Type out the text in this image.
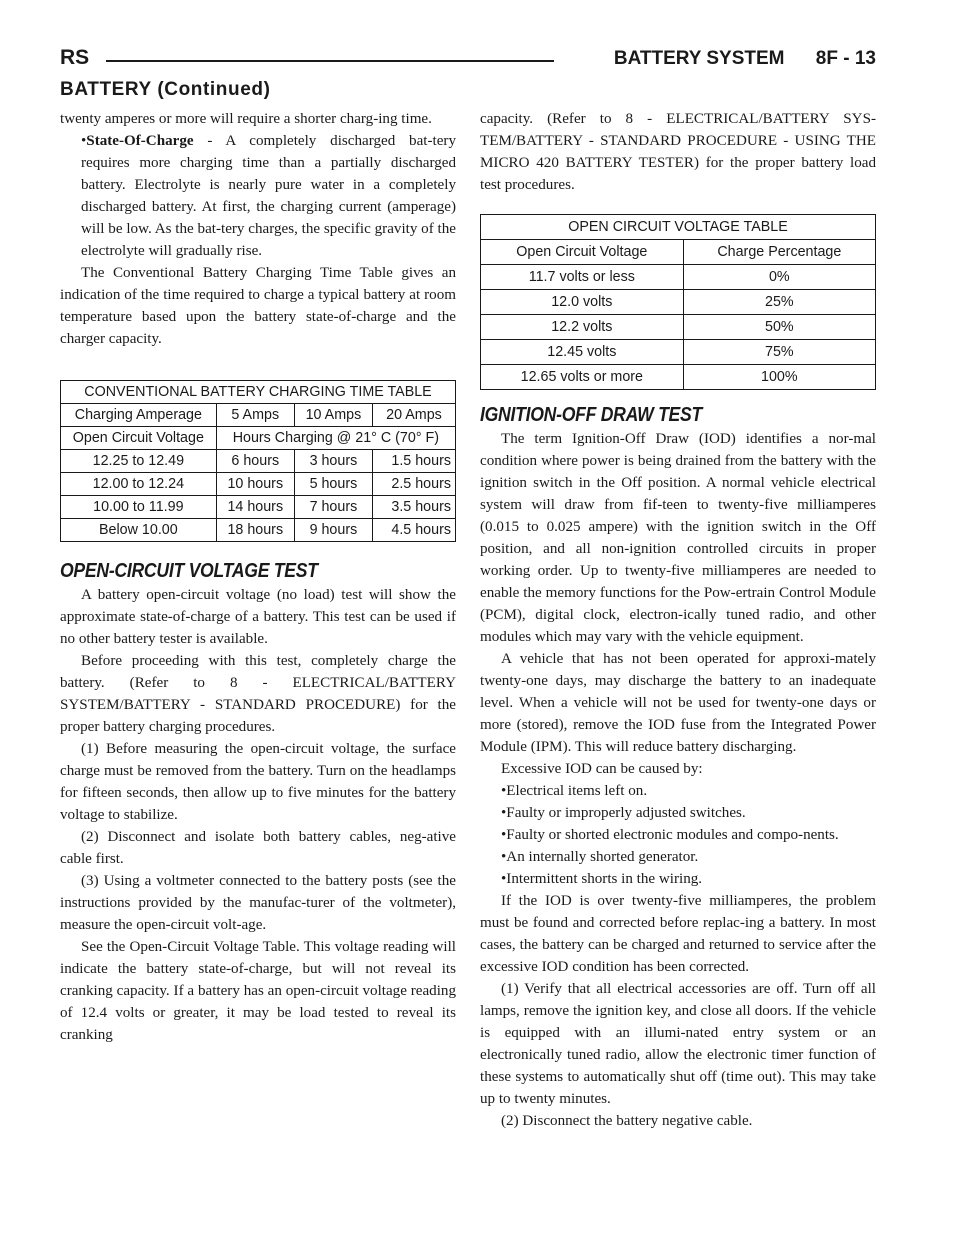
RS	BATTERY SYSTEM 8F - 13
BATTERY (Continued)

twenty amperes or more will require a shorter charg-ing time.

•State-Of-Charge - A completely discharged bat-tery requires more charging time than a partially discharged battery. Electrolyte is nearly pure water in a completely discharged battery. At first, the charging current (amperage) will be low. As the bat-tery charges, the specific gravity of the electrolyte will gradually rise.

The Conventional Battery Charging Time Table gives an indication of the time required to charge a typical battery at room temperature based upon the battery state-of-charge and the charger capacity.

CONVENTIONAL BATTERY CHARGING TIME TABLE			
Charging Amperage	5 Amps	10 Amps	20 Amps
Open Circuit Voltage	Hours Charging @ 21° C (70° F)		
12.25 to 12.49	6 hours	3 hours	1.5 hours
12.00 to 12.24	10 hours	5 hours	2.5 hours
10.00 to 11.99	14 hours	7 hours	3.5 hours
Below 10.00	18 hours	9 hours	4.5 hours
OPEN-CIRCUIT VOLTAGE TEST

A battery open-circuit voltage (no load) test will show the approximate state-of-charge of a battery. This test can be used if no other battery tester is available.

Before proceeding with this test, completely charge the battery. (Refer to 8 - ELECTRICAL/BATTERY SYSTEM/BATTERY - STANDARD PROCEDURE) for the proper battery charging procedures.

(1) Before measuring the open-circuit voltage, the surface charge must be removed from the battery. Turn on the headlamps for fifteen seconds, then allow up to five minutes for the battery voltage to stabilize.

(2) Disconnect and isolate both battery cables, neg-ative cable first.

(3) Using a voltmeter connected to the battery posts (see the instructions provided by the manufac-turer of the voltmeter), measure the open-circuit volt-age.

See the Open-Circuit Voltage Table. This voltage reading will indicate the battery state-of-charge, but will not reveal its cranking capacity. If a battery has an open-circuit voltage reading of 12.4 volts or greater, it may be load tested to reveal its cranking

capacity. (Refer to 8 - ELECTRICAL/BATTERY SYS-TEM/BATTERY - STANDARD PROCEDURE - USING THE MICRO 420 BATTERY TESTER) for the proper battery load test procedures.

OPEN CIRCUIT VOLTAGE TABLE	
Open Circuit Voltage	Charge Percentage
11.7 volts or less	0%
12.0 volts	25%
12.2 volts	50%
12.45 volts	75%
12.65 volts or more	100%
IGNITION-OFF DRAW TEST

The term Ignition-Off Draw (IOD) identifies a nor-mal condition where power is being drained from the battery with the ignition switch in the Off position. A normal vehicle electrical system will draw from fif-teen to twenty-five milliamperes (0.015 to 0.025 ampere) with the ignition switch in the Off position, and all non-ignition controlled circuits in proper working order. Up to twenty-five milliamperes are needed to enable the memory functions for the Pow-ertrain Control Module (PCM), digital clock, electron-ically tuned radio, and other modules which may vary with the vehicle equipment.

A vehicle that has not been operated for approxi-mately twenty-one days, may discharge the battery to an inadequate level. When a vehicle will not be used for twenty-one days or more (stored), remove the IOD fuse from the Integrated Power Module (IPM). This will reduce battery discharging.

Excessive IOD can be caused by:

•Electrical items left on.

•Faulty or improperly adjusted switches.

•Faulty or shorted electronic modules and compo-nents.

•An internally shorted generator.

•Intermittent shorts in the wiring.

If the IOD is over twenty-five milliamperes, the problem must be found and corrected before replac-ing a battery. In most cases, the battery can be charged and returned to service after the excessive IOD condition has been corrected.

(1) Verify that all electrical accessories are off. Turn off all lamps, remove the ignition key, and close all doors. If the vehicle is equipped with an illumi-nated entry system or an electronically tuned radio, allow the electronic timer function of these systems to automatically shut off (time out). This may take up to twenty minutes.

(2) Disconnect the battery negative cable.
